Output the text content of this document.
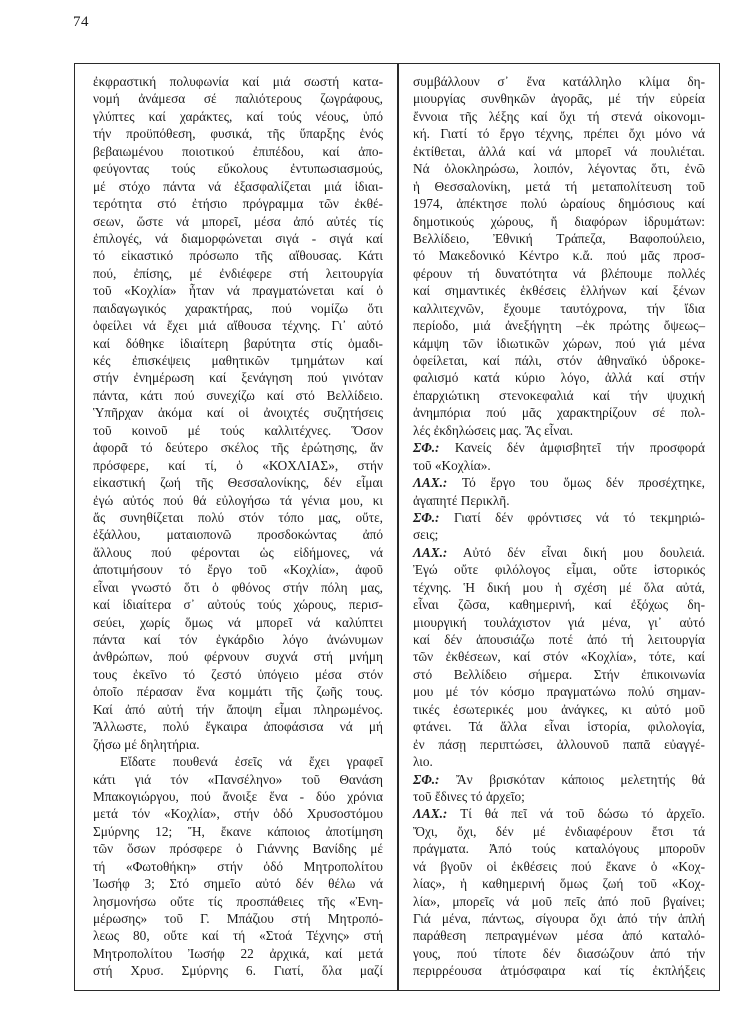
74
ἐκφραστική πολυφωνία καί μιά σωστή κατα-
νομή ἀνάμεσα σέ παλιότερους ζωγράφους,
γλύπτες καί χαράκτες, καί τούς νέους, ὑπό
τήν προϋπόθεση, φυσικά, τῆς ὕπαρξης ἑνός
βεβαιωμένου ποιοτικού ἐπιπέδου, καί ἀπο-
φεύγοντας τούς εὔκολους ἐντυπωσιασμούς,
μέ στόχο πάντα νά ἐξασφαλίζεται μιά ἰδιαι-
τερότητα στό ἐτήσιο πρόγραμμα τῶν ἐκθέ-
σεων, ὥστε νά μπορεῖ, μέσα ἀπό αὐτές τίς
ἐπιλογές, νά διαμορφώνεται σιγά - σιγά καί
τό εἰκαστικό πρόσωπο τῆς αἴθουσας. Κάτι
πού, ἐπίσης, μέ ἐνδιέφερε στή λειτουργία
τοῦ «Κοχλία» ἦταν νά πραγματώνεται καί ὁ
παιδαγωγικός χαρακτήρας, πού νομίζω ὅτι
ὀφείλει νά ἔχει μιά αἴθουσα τέχνης. Γι᾿ αὐτό
καί δόθηκε ἰδιαίτερη βαρύτητα στίς ὁμαδι-
κές ἐπισκέψεις μαθητικῶν τμημάτων καί
στήν ἐνημέρωση καί ξενάγηση πού γινόταν
πάντα, κάτι πού συνεχίζω καί στό Βελλίδειο.
Ὑπῆρχαν ἀκόμα καί οἱ ἀνοιχτές συζητήσεις
τοῦ κοινοῦ μέ τούς καλλιτέχνες. Ὅσον
ἀφορᾶ τό δεύτερο σκέλος τῆς ἐρώτησης, ἄν
πρόσφερε, καί τί, ὁ «ΚΟΧΛΙΑΣ», στήν
εἰκαστική ζωή τῆς Θεσσαλονίκης, δέν εἶμαι
ἐγώ αὐτός πού θά εὐλογήσω τά γένια μου, κι
ἄς συνηθίζεται πολύ στόν τόπο μας, οὔτε,
ἐξάλλου, ματαιοπονῶ προσδοκώντας ἀπό
ἄλλους πού φέρονται ὡς εἰδήμονες, νά
ἀποτιμήσουν τό ἔργο τοῦ «Κοχλία», ἀφοῦ
εἶναι γνωστό ὅτι ὁ φθόνος στήν πόλη μας,
καί ἰδιαίτερα σ᾿ αὐτούς τούς χώρους, περισ-
σεύει, χωρίς ὅμως νά μπορεῖ νά καλύπτει
πάντα καί τόν ἐγκάρδιο λόγο ἀνώνυμων
ἀνθρώπων, πού φέρνουν συχνά στή μνήμη
τους ἐκεῖνο τό ζεστό ὑπόγειο μέσα στόν
ὁποῖο πέρασαν ἕνα κομμάτι τῆς ζωῆς τους.
Καί ἀπό αὐτή τήν ἄποψη εἶμαι πληρωμένος.
Ἄλλωστε, πολύ ἔγκαιρα ἀποφάσισα νά μή
ζήσω μέ δηλητήρια.
Εἴδατε πουθενά ἐσεῖς νά ἔχει γραφεῖ
κάτι γιά τόν «Πανσέληνο» τοῦ Θανάση
Μπακογιώργου, πού ἄνοιξε ἕνα - δύο χρόνια
μετά τόν «Κοχλία», στήν ὁδό Χρυσοστόμου
Σμύρνης 12; Ἤ, ἔκανε κάποιος ἀποτίμηση
τῶν ὅσων πρόσφερε ὁ Γιάννης Βανίδης μέ
τή «Φωτοθήκη» στήν ὁδό Μητροπολίτου
Ἰωσήφ 3; Στό σημεῖο αὐτό δέν θέλω νά
λησμονήσω οὔτε τίς προσπάθειες τῆς «Ἐνη-
μέρωσης» τοῦ Γ. Μπάζιου στή Μητροπό-
λεως 80, οὔτε καί τή «Στοά Τέχνης» στή
Μητροπολίτου Ἰωσήφ 22 ἀρχικά, καί μετά
στή Χρυσ. Σμύρνης 6. Γιατί, ὅλα μαζί
συμβάλλουν σ᾿ ἕνα κατάλληλο κλίμα δη-
μιουργίας συνθηκῶν ἀγορᾶς, μέ τήν εὐρεία
ἔννοια τῆς λέξης καί ὄχι τή στενά οἰκονομι-
κή. Γιατί τό ἔργο τέχνης, πρέπει ὄχι μόνο νά
ἐκτίθεται, ἀλλά καί νά μπορεῖ νά πουλιέται.
Νά ὁλοκληρώσω, λοιπόν, λέγοντας ὅτι, ἐνῶ
ἡ Θεσσαλονίκη, μετά τή μεταπολίτευση τοῦ
1974, ἀπέκτησε πολύ ὡραίους δημόσιους καί
δημοτικούς χώρους, ἤ διαφόρων ἱδρυμάτων:
Βελλίδειο, Ἐθνική Τράπεζα, Βαφοπούλειο,
τό Μακεδονικό Κέντρο κ.ἄ. πού μᾶς προσ-
φέρουν τή δυνατότητα νά βλέπουμε πολλές
καί σημαντικές ἐκθέσεις ἑλλήνων καί ξένων
καλλιτεχνῶν, ἔχουμε ταυτόχρονα, τήν ἴδια
περίοδο, μιά ἀνεξήγητη –ἐκ πρώτης ὄψεως–
κάμψη τῶν ἰδιωτικῶν χώρων, πού γιά μένα
ὀφείλεται, καί πάλι, στόν ἀθηναϊκό ὑδροκε-
φαλισμό κατά κύριο λόγο, ἀλλά καί στήν
ἐπαρχιώτικη στενοκεφαλιά καί τήν ψυχική
ἀνημπόρια πού μᾶς χαρακτηρίζουν σέ πολ-
λές ἐκδηλώσεις μας. Ἄς εἶναι.
ΣΦ.: Κανείς δέν ἀμφισβητεῖ τήν προσφορά
τοῦ «Κοχλία».
ΛΑΧ.: Τό ἔργο του ὅμως δέν προσέχτηκε,
ἀγαπητέ Περικλῆ.
ΣΦ.: Γιατί δέν φρόντισες νά τό τεκμηριώ-
σεις;
ΛΑΧ.: Αὐτό δέν εἶναι δική μου δουλειά.
Ἐγώ οὔτε φιλόλογος εἶμαι, οὔτε ἱστορικός
τέχνης. Ἡ δική μου ἡ σχέση μέ ὅλα αὐτά,
εἶναι ζῶσα, καθημερινή, καί ἐξόχως δη-
μιουργική τουλάχιστον γιά μένα, γι᾿ αὐτό
καί δέν ἀπουσιάζω ποτέ ἀπό τή λειτουργία
τῶν ἐκθέσεων, καί στόν «Κοχλία», τότε, καί
στό Βελλίδειο σήμερα. Στήν ἐπικοινωνία
μου μέ τόν κόσμο πραγματώνω πολύ σημαν-
τικές ἐσωτερικές μου ἀνάγκες, κι αὐτό μοῦ
φτάνει. Τά ἄλλα εἶναι ἱστορία, φιλολογία,
ἐν πάσῃ περιπτώσει, ἀλλουνοῦ παπᾶ εὐαγγέ-
λιο.
ΣΦ.: Ἄν βρισκόταν κάποιος μελετητής θά
τοῦ ἔδινες τό ἀρχεῖο;
ΛΑΧ.: Τί θά πεῖ νά τοῦ δώσω τό ἀρχεῖο.
Ὄχι, ὄχι, δέν μέ ἐνδιαφέρουν ἔτσι τά
πράγματα. Ἀπό τούς καταλόγους μποροῦν
νά βγοῦν οἱ ἐκθέσεις πού ἔκανε ὁ «Κοχ-
λίας», ἡ καθημερινή ὅμως ζωή τοῦ «Κοχ-
λία», μπορεῖς νά μοῦ πεῖς ἀπό ποῦ βγαίνει;
Γιά μένα, πάντως, σίγουρα ὄχι ἀπό τήν ἁπλή
παράθεση πεπραγμένων μέσα ἀπό καταλό-
γους, πού τίποτε δέν διασώζουν ἀπό τήν
περιρρέουσα ἀτμόσφαιρα καί τίς ἐκπλήξεις
